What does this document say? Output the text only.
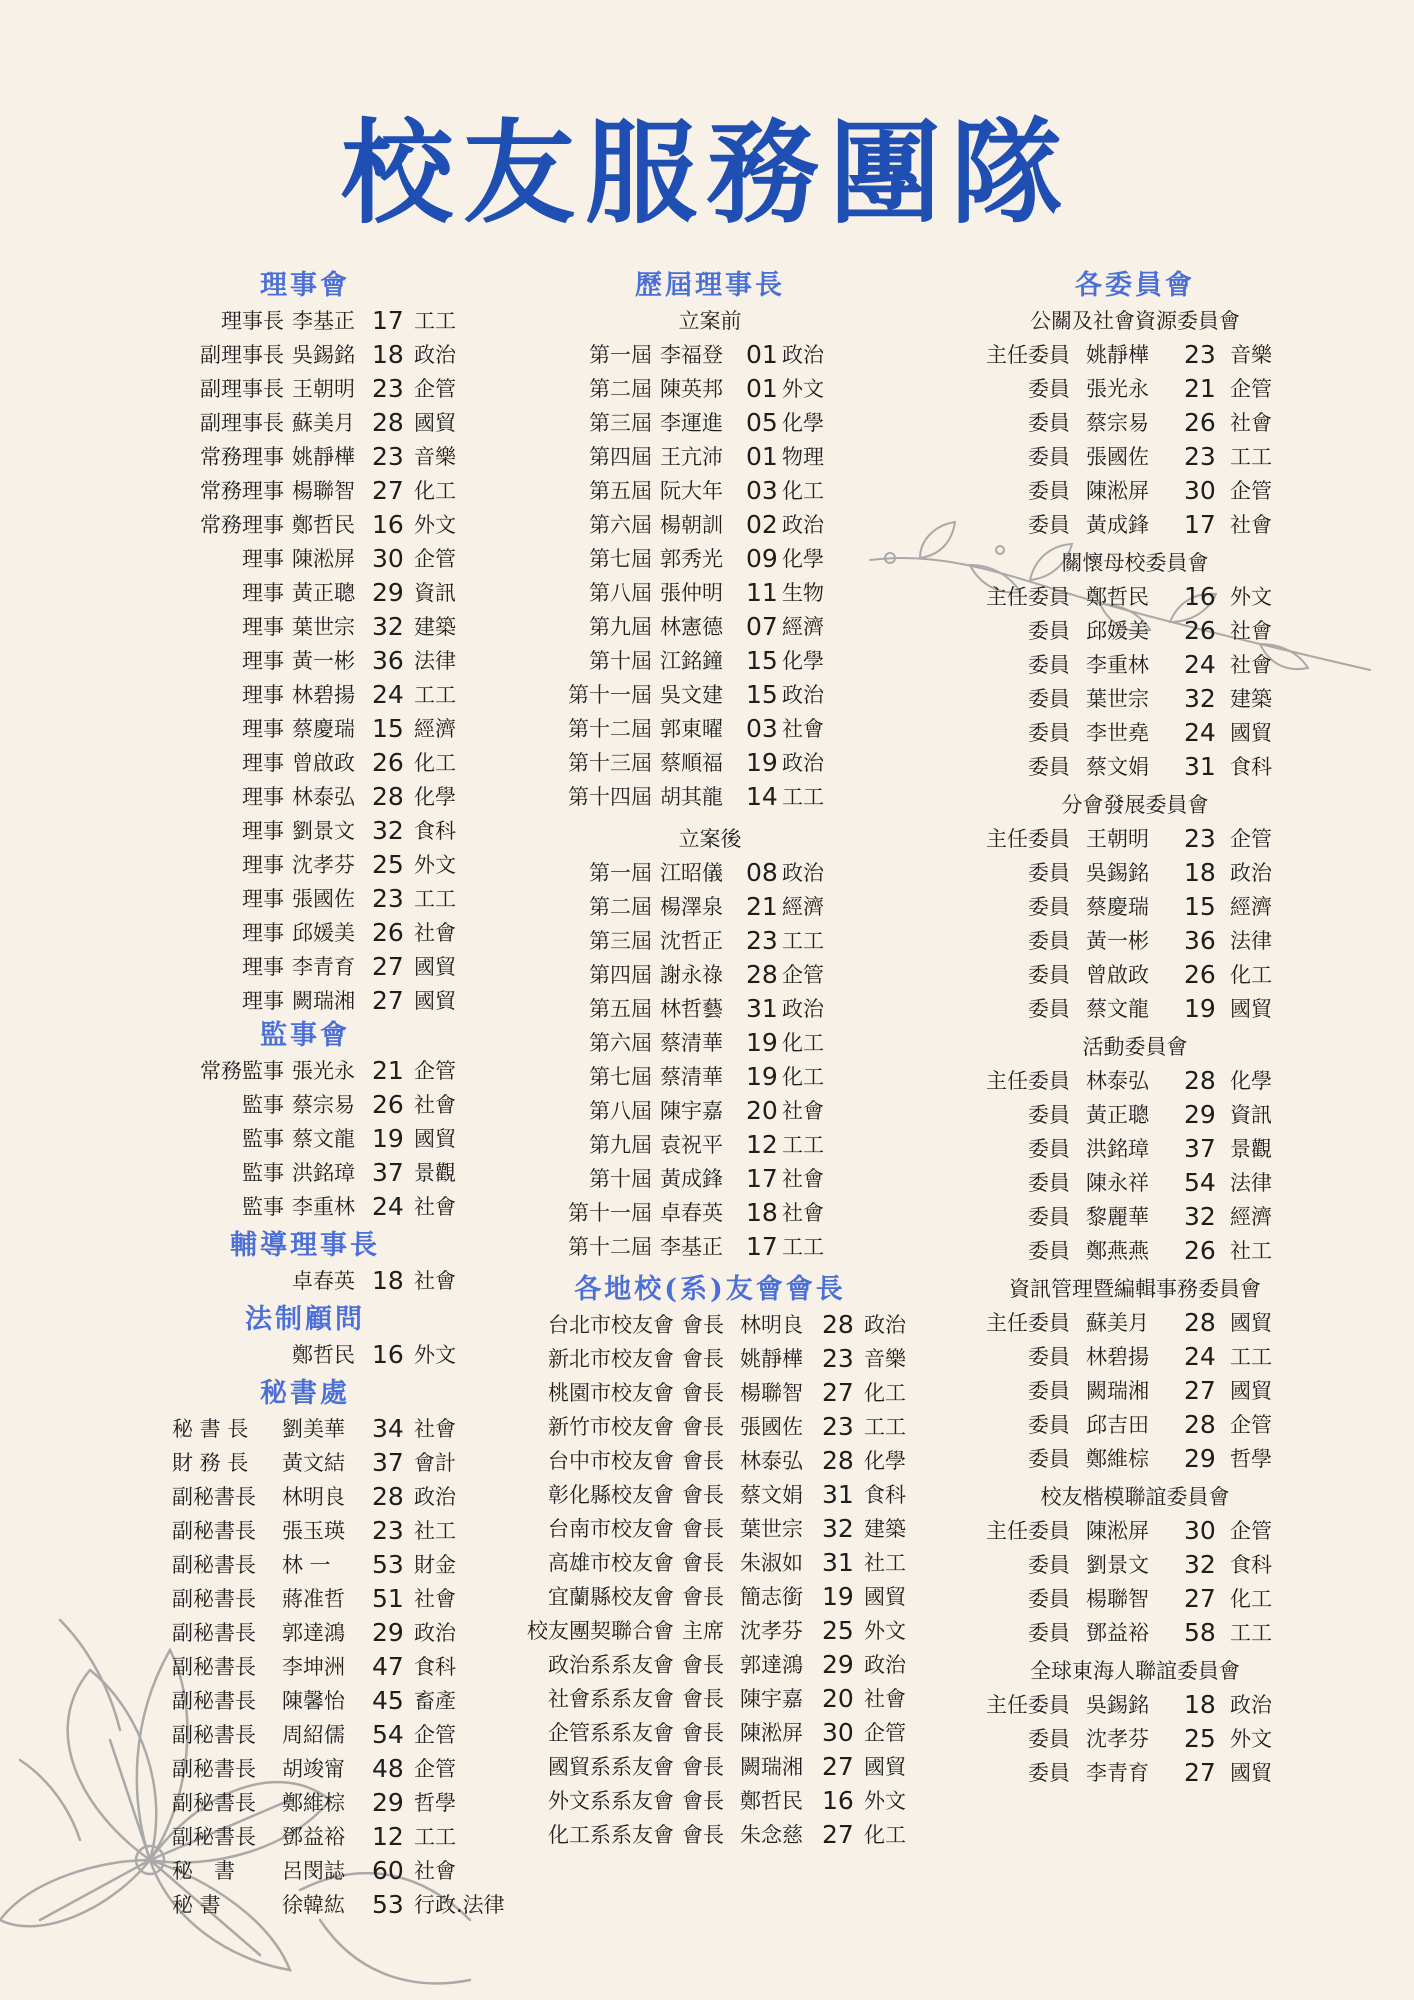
校友服務團隊
理事會
理事長 李基正 17 工工
副理事長 吳錫銘 18 政治
副理事長 王朝明 23 企管
副理事長 蘇美月 28 國貿
常務理事 姚靜樺 23 音樂
常務理事 楊聯智 27 化工
常務理事 鄭哲民 16 外文
理事 陳淞屏 30 企管
理事 黃正聰 29 資訊
理事 葉世宗 32 建築
理事 黃一彬 36 法律
理事 林碧揚 24 工工
理事 蔡慶瑞 15 經濟
理事 曾啟政 26 化工
理事 林泰弘 28 化學
理事 劉景文 32 食科
理事 沈孝芬 25 外文
理事 張國佐 23 工工
理事 邱媛美 26 社會
理事 李青育 27 國貿
理事 闕瑞湘 27 國貿
監事會
常務監事 張光永 21 企管
監事 蔡宗易 26 社會
監事 蔡文龍 19 國貿
監事 洪銘璋 37 景觀
監事 李重林 24 社會
輔導理事長
卓春英 18 社會
法制顧問
鄭哲民 16 外文
秘書處
秘 書 長	劉美華	34 社會
財 務 長	黃文結	37 會計
副秘書長	林明良	28 政治
副秘書長	張玉瑛	23 社工
副秘書長	林 一	53 財金
副秘書長	蔣准哲	51 社會
副秘書長	郭達鴻	29 政治
副秘書長	李坤洲	47 食科
副秘書長	陳馨怡	45 畜產
副秘書長	周紹儒	54 企管
副秘書長	胡竣甯	48 企管
副秘書長	鄭維棕	29 哲學
副秘書長	鄧益裕	12 工工
秘　書	呂閔誌	60 社會
秘 書	徐韓紘	53 行政.法律
歷屆理事長
立案前
第一屆 李福登 01 政治
第二屆 陳英邦 01 外文
第三屆 李運進 05 化學
第四屆 王亢沛 01 物理
第五屆 阮大年 03 化工
第六屆 楊朝訓 02 政治
第七屆 郭秀光 09 化學
第八屆 張仲明 11 生物
第九屆 林憲德 07 經濟
第十屆 江銘鐘 15 化學
第十一屆 吳文建 15 政治
第十二屆 郭東曜 03 社會
第十三屆 蔡順福 19 政治
第十四屆 胡其龍 14 工工
立案後
第一屆 江昭儀 08 政治
第二屆 楊澤泉 21 經濟
第三屆 沈哲正 23 工工
第四屆 謝永祿 28 企管
第五屆 林哲藝 31 政治
第六屆 蔡清華 19 化工
第七屆 蔡清華 19 化工
第八屆 陳宇嘉 20 社會
第九屆 袁祝平 12 工工
第十屆 黃成鋒 17 社會
第十一屆 卓春英 18 社會
第十二屆 李基正 17 工工
各地校(系)友會會長
台北市校友會 會長 林明良 28 政治
新北市校友會 會長 姚靜樺 23 音樂
桃園市校友會 會長 楊聯智 27 化工
新竹市校友會 會長 張國佐 23 工工
台中市校友會 會長 林泰弘 28 化學
彰化縣校友會 會長 蔡文娟 31 食科
台南市校友會 會長 葉世宗 32 建築
高雄市校友會 會長 朱淑如 31 社工
宜蘭縣校友會 會長 簡志銜 19 國貿
校友團契聯合會 主席 沈孝芬 25 外文
政治系系友會 會長 郭達鴻 29 政治
社會系系友會 會長 陳宇嘉 20 社會
企管系系友會 會長 陳淞屏 30 企管
國貿系系友會 會長 闕瑞湘 27 國貿
外文系系友會 會長 鄭哲民 16 外文
化工系系友會 會長 朱念慈 27 化工
各委員會
公關及社會資源委員會
主任委員 姚靜樺	23 音樂
委員 張光永	21 企管
委員 蔡宗易	26 社會
委員 張國佐	23 工工
委員 陳淞屏	30 企管
委員 黃成鋒	17 社會
關懷母校委員會
主任委員 鄭哲民	16 外文
委員 邱媛美	26 社會
委員 李重林	24 社會
委員 葉世宗	32 建築
委員 李世堯	24 國貿
委員 蔡文娟	31 食科
分會發展委員會
主任委員 王朝明	23 企管
委員 吳錫銘	18 政治
委員 蔡慶瑞	15 經濟
委員 黃一彬	36 法律
委員 曾啟政	26 化工
委員 蔡文龍	19 國貿
活動委員會
主任委員 林泰弘	28 化學
委員 黃正聰	29 資訊
委員 洪銘璋	37 景觀
委員 陳永祥	54 法律
委員 黎麗華	32 經濟
委員 鄭燕燕	26 社工
資訊管理暨編輯事務委員會
主任委員 蘇美月	28 國貿
委員 林碧揚	24 工工
委員 闕瑞湘	27 國貿
委員 邱吉田	28 企管
委員 鄭維棕	29 哲學
校友楷模聯誼委員會
主任委員 陳淞屏	30 企管
委員 劉景文	32 食科
委員 楊聯智	27 化工
委員 鄧益裕	58 工工
全球東海人聯誼委員會
主任委員 吳錫銘	18 政治
委員 沈孝芬	25 外文
委員 李青育	27 國貿
